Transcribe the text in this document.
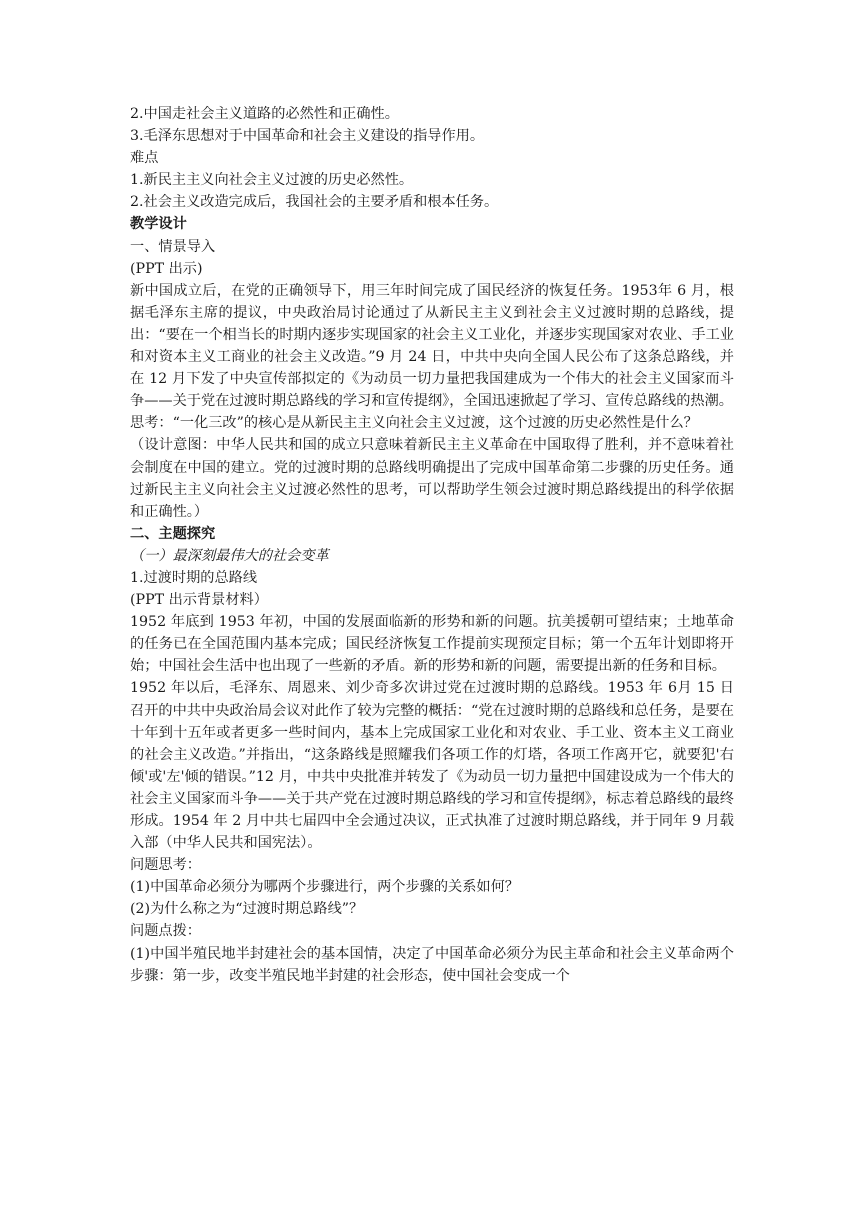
2.中国走社会主义道路的必然性和正确性。

3.毛泽东思想对于中国革命和社会主义建设的指导作用。

难点

1.新民主主义向社会主义过渡的历史必然性。

2.社会主义改造完成后，我国社会的主要矛盾和根本任务。

教学设计

一、情景导入

(PPT 出示)

新中国成立后，在党的正确领导下，用三年时间完成了国民经济的恢复任务。1953年 6 月，根据毛泽东主席的提议，中央政治局讨论通过了从新民主主义到社会主义过渡时期的总路线，提出：“要在一个相当长的时期内逐步实现国家的社会主义工业化，并逐步实现国家对农业、手工业和对资本主义工商业的社会主义改造。”9 月 24 日，中共中央向全国人民公布了这条总路线，并在 12 月下发了中央宣传部拟定的《为动员一切力量把我国建成为一个伟大的社会主义国家而斗争——关于党在过渡时期总路线的学习和宣传提纲》，全国迅速掀起了学习、宣传总路线的热潮。

思考：“一化三改”的核心是从新民主主义向社会主义过渡，这个过渡的历史必然性是什么？

（设计意图：中华人民共和国的成立只意味着新民主主义革命在中国取得了胜利，并不意味着社会制度在中国的建立。党的过渡时期的总路线明确提出了完成中国革命第二步骤的历史任务。通过新民主主义向社会主义过渡必然性的思考，可以帮助学生领会过渡时期总路线提出的科学依据和正确性。）

二、主题探究

（一）最深刻最伟大的社会变革

1.过渡时期的总路线

(PPT 出示背景材料）

1952 年底到 1953 年初，中国的发展面临新的形势和新的问题。抗美援朝可望结束；土地革命的任务已在全国范围内基本完成；国民经济恢复工作提前实现预定目标；第一个五年计划即将开始；中国社会生活中也出现了一些新的矛盾。新的形势和新的问题，需要提出新的任务和目标。

1952 年以后，毛泽东、周恩来、刘少奇多次讲过党在过渡时期的总路线。1953 年 6月 15 日召开的中共中央政治局会议对此作了较为完整的概括：“党在过渡时期的总路线和总任务，是要在十年到十五年或者更多一些时间内，基本上完成国家工业化和对农业、手工业、资本主义工商业的社会主义改造。”并指出，“这条路线是照耀我们各项工作的灯塔，各项工作离开它，就要犯'右倾'或'左'倾的错误。”12 月，中共中央批准并转发了《为动员一切力量把中国建设成为一个伟大的社会主义国家而斗争——关于共产党在过渡时期总路线的学习和宣传提纲》，标志着总路线的最终形成。1954 年 2 月中共七届四中全会通过决议，正式执准了过渡时期总路线，并于同年 9 月载入部（中华人民共和国宪法）。

问题思考：

(1)中国革命必须分为哪两个步骤进行，两个步骤的关系如何？

(2)为什么称之为“过渡时期总路线”？

问题点拨：

(1)中国半殖民地半封建社会的基本国情，决定了中国革命必须分为民主革命和社会主义革命两个步骤：第一步，改变半殖民地半封建的社会形态，使中国社会变成一个
